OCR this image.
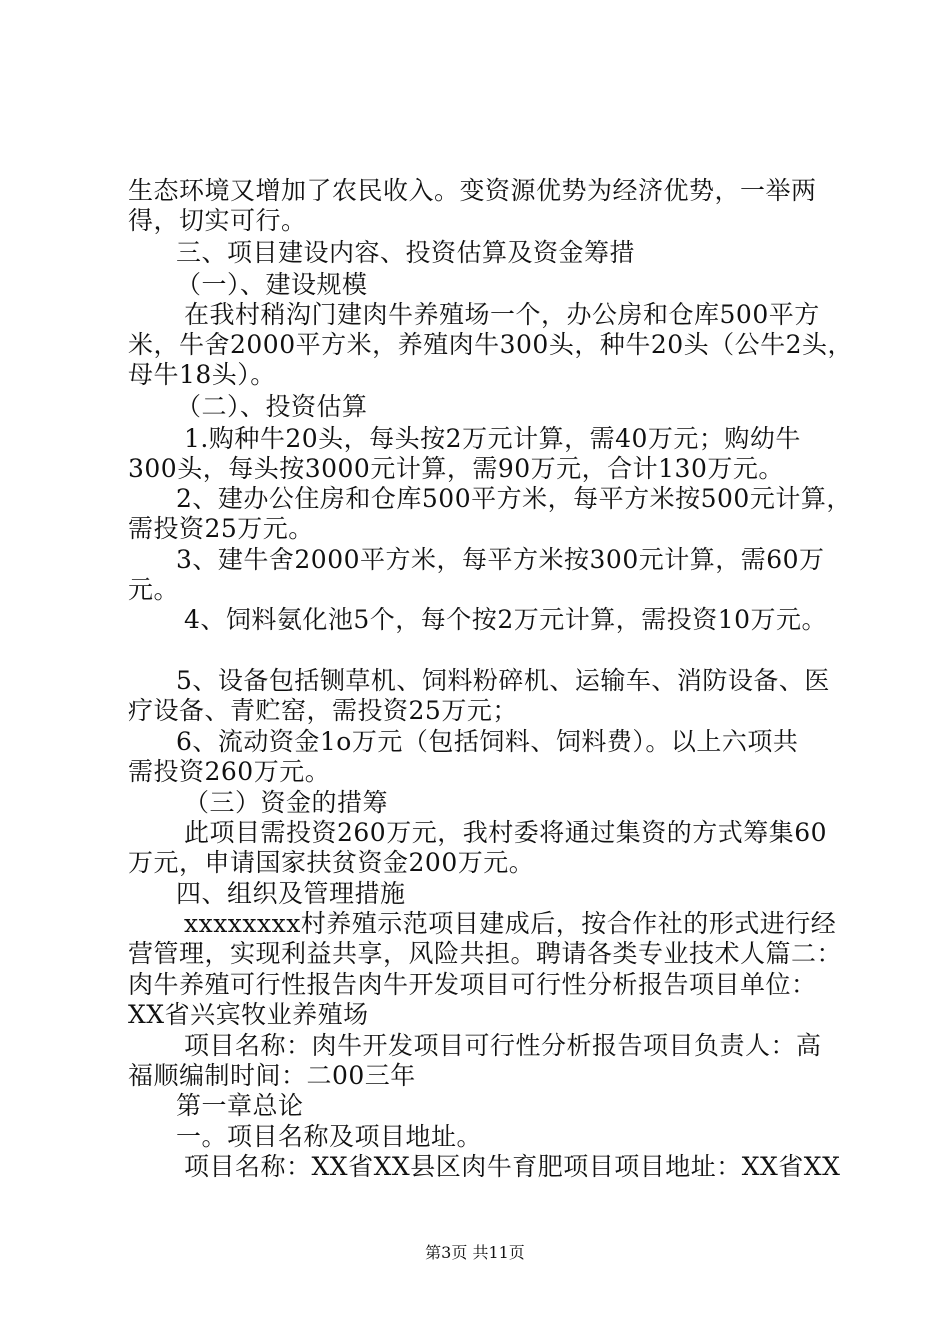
生态环境又增加了农民收入。变资源优势为经济优势，一举两
得，切实可行。
三、项目建设内容、投资估算及资金筹措
（一）、建设规模
在我村稍沟门建肉牛养殖场一个，办公房和仓库500平方
米，牛舍2000平方米，养殖肉牛300头，种牛20头（公牛2头，
母牛18头）。
（二）、投资估算
1.购种牛20头，每头按2万元计算，需40万元；购幼牛
300头，每头按3000元计算，需90万元，合计130万元。
2、建办公住房和仓库500平方米，每平方米按500元计算，
需投资25万元。
3、建牛舍2000平方米，每平方米按300元计算，需60万
元。
4、饲料氨化池5个，每个按2万元计算，需投资10万元。
5、设备包括铡草机、饲料粉碎机、运输车、消防设备、医
疗设备、青贮窑，需投资25万元；
6、流动资金1o万元（包括饲料、饲料费）。以上六项共
需投资260万元。
（三）资金的措筹
此项目需投资260万元，我村委将通过集资的方式筹集60
万元，申请国家扶贫资金200万元。
四、组织及管理措施
xxxxxxxx村养殖示范项目建成后，按合作社的形式进行经
营管理，实现利益共享，风险共担。聘请各类专业技术人篇二：
肉牛养殖可行性报告肉牛开发项目可行性分析报告项目单位：
XX省兴宾牧业养殖场
项目名称：肉牛开发项目可行性分析报告项目负责人：高
福顺编制时间：二00三年
第一章总论
一。项目名称及项目地址。
项目名称：XX省XX县区肉牛育肥项目项目地址：XX省XX
第3页 共11页
